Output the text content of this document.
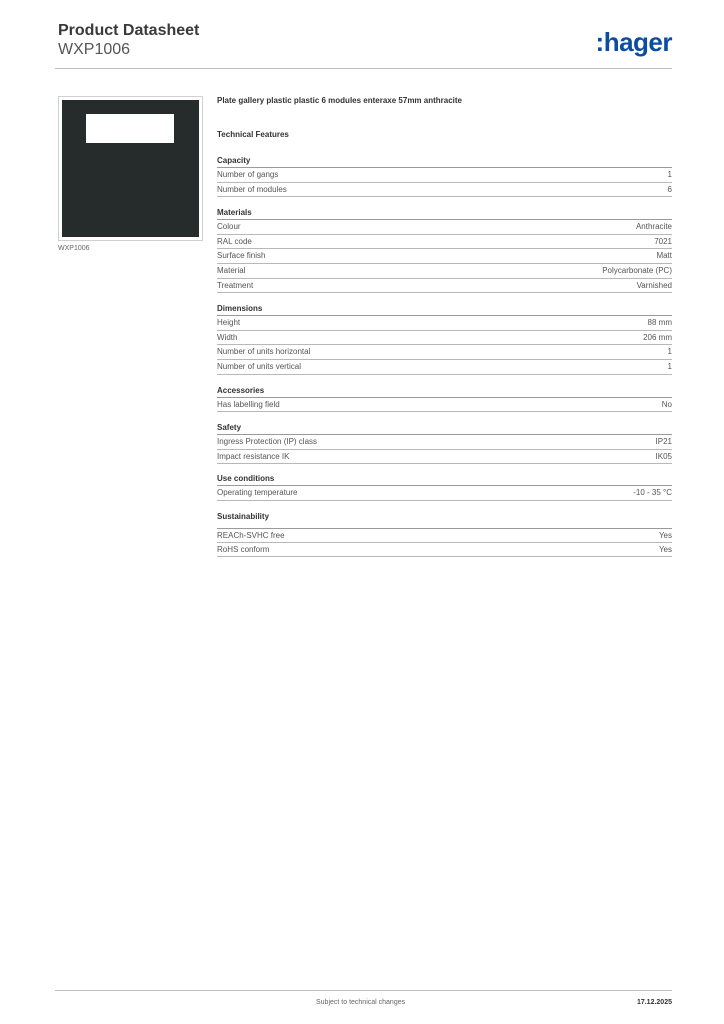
Product Datasheet
WXP1006	:hager
WXP1006
Plate gallery plastic plastic 6 modules enteraxe 57mm anthracite
Technical Features
Capacity
Number of gangs	1
Number of modules	6
Materials
Colour	Anthracite
RAL code	7021
Surface finish	Matt
Material	Polycarbonate (PC)
Treatment	Varnished
Dimensions
Height	88 mm
Width	206 mm
Number of units horizontal	1
Number of units vertical	1
Accessories
Has labelling field	No
Safety
Ingress Protection (IP) class	IP21
Impact resistance IK	IK05
Use conditions
Operating temperature	-10 - 35 °C
Sustainability
REACh-SVHC free	Yes
RoHS conform	Yes
Subject to technical changes	17.12.2025
